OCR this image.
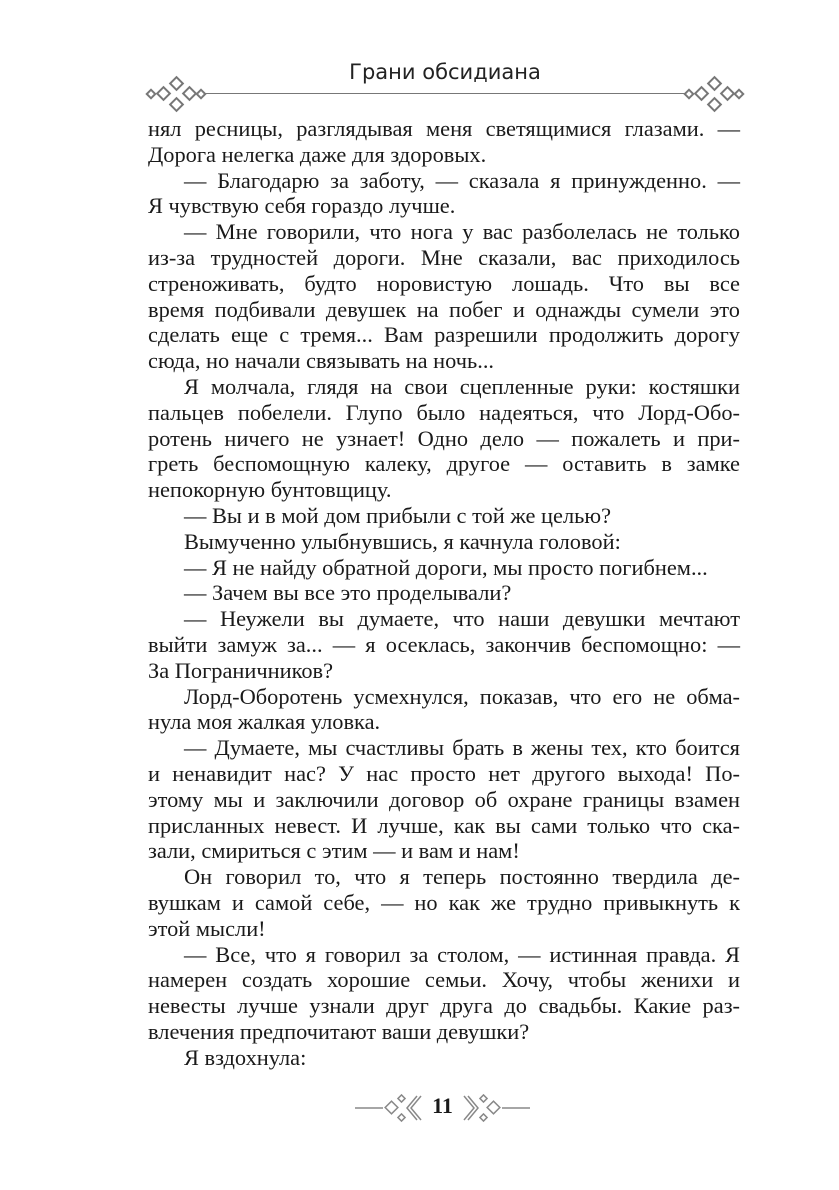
Грани обсидиана
нял ресницы, разглядывая меня светящимися глазами. —
Дорога нелегка даже для здоровых.
— Благодарю за заботу, — сказала я принужденно. —
Я чувствую себя гораздо лучше.
— Мне говорили, что нога у вас разболелась не только
из-за трудностей дороги. Мне сказали, вас приходилось
стреноживать, будто норовистую лошадь. Что вы все
время подбивали девушек на побег и однажды сумели это
сделать еще с тремя... Вам разрешили продолжить дорогу
сюда, но начали связывать на ночь...
Я молчала, глядя на свои сцепленные руки: костяшки
пальцев побелели. Глупо было надеяться, что Лорд-Обо-
ротень ничего не узнает! Одно дело — пожалеть и при-
греть беспомощную калеку, другое — оставить в замке
непокорную бунтовщицу.
— Вы и в мой дом прибыли с той же целью?
Вымученно улыбнувшись, я качнула головой:
— Я не найду обратной дороги, мы просто погибнем...
— Зачем вы все это проделывали?
— Неужели вы думаете, что наши девушки мечтают
выйти замуж за... — я осеклась, закончив беспомощно: —
За Пограничников?
Лорд-Оборотень усмехнулся, показав, что его не обма-
нула моя жалкая уловка.
— Думаете, мы счастливы брать в жены тех, кто боится
и ненавидит нас? У нас просто нет другого выхода! По-
этому мы и заключили договор об охране границы взамен
присланных невест. И лучше, как вы сами только что ска-
зали, смириться с этим — и вам и нам!
Он говорил то, что я теперь постоянно твердила де-
вушкам и самой себе, — но как же трудно привыкнуть к
этой мысли!
— Все, что я говорил за столом, — истинная правда. Я
намерен создать хорошие семьи. Хочу, чтобы женихи и
невесты лучше узнали друг друга до свадьбы. Какие раз-
влечения предпочитают ваши девушки?
Я вздохнула:
11
